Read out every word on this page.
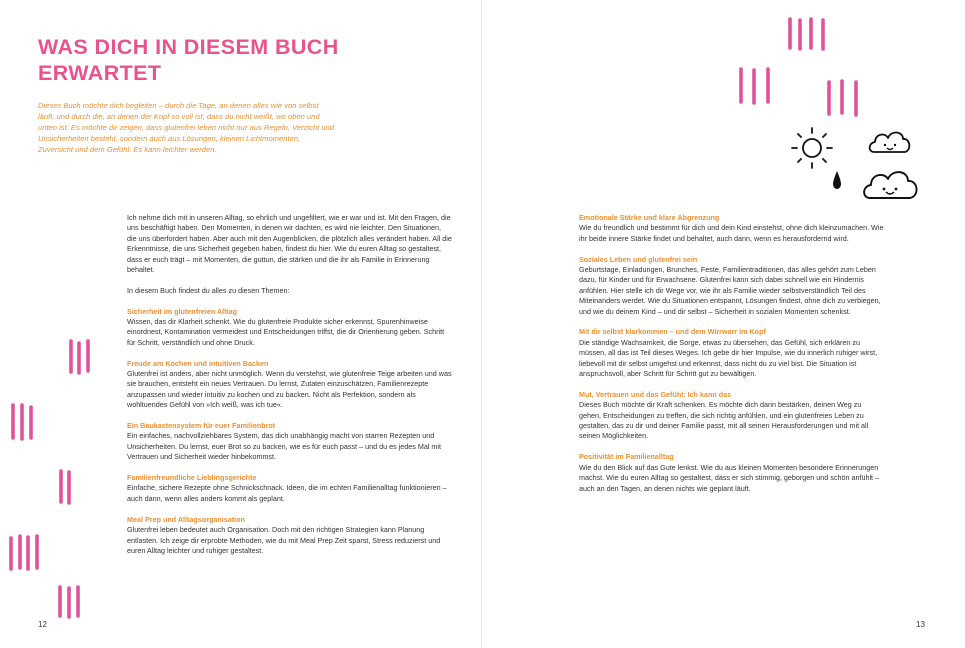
WAS DICH IN DIESEM BUCH ERWARTET

Dieses Buch möchte dich begleiten – durch die Tage, an denen alles wie von selbst läuft, und durch die, an denen der Kopf so voll ist, dass du nicht weißt, wo oben und unten ist. Es möchte dir zeigen, dass glutenfrei leben nicht nur aus Regeln, Verzicht und Unsicherheiten besteht, sondern auch aus Lösungen, kleinen Lichtmomenten, Zuversicht und dem Gefühl: Es kann leichter werden.

Ich nehme dich mit in unseren Alltag, so ehrlich und ungefiltert, wie er war und ist. Mit den Fragen, die uns beschäftigt haben. Den Momenten, in denen wir dachten, es wird nie leichter. Den Situationen, die uns überfordert haben. Aber auch mit den Augenblicken, die plötzlich alles verändert haben. All die Erkenntnisse, die uns Sicherheit gegeben haben, findest du hier. Wie du euren Alltag so gestaltest, dass er euch trägt – mit Momenten, die guttun, die stärken und die ihr als Familie in Erinnerung behaltet.

In diesem Buch findest du alles zu diesen Themen:

Sicherheit im glutenfreien Alltag

Wissen, das dir Klarheit schenkt. Wie du glutenfreie Produkte sicher erkennst, Spurenhinweise einordnest, Kontamination vermeidest und Entscheidungen triffst, die dir Orientierung geben. Schritt für Schritt, verständlich und ohne Druck.

Freude am Kochen und intuitiven Backen

Glutenfrei ist anders, aber nicht unmöglich. Wenn du verstehst, wie glutenfreie Teige arbeiten und was sie brauchen, entsteht ein neues Vertrauen. Du lernst, Zutaten einzuschätzen, Familienrezepte anzupassen und wieder intuitiv zu kochen und zu backen. Nicht als Perfektion, sondern als wohltuendes Gefühl von »Ich weiß, was ich tue«.

Ein Baukastensystem für euer Familienbrot

Ein einfaches, nachvollziehbares System, das dich unabhängig macht von starren Rezepten und Unsicherheiten. Du lernst, euer Brot so zu backen, wie es für euch passt – und du es jedes Mal mit Vertrauen und Sicherheit wieder hinbekommst.

Familienfreundliche Lieblingsgerichte

Einfache, sichere Rezepte ohne Schnickschnack. Ideen, die im echten Familienalltag funktionieren – auch dann, wenn alles anders kommt als geplant.

Meal Prep und Alltagsorganisation

Glutenfrei leben bedeutet auch Organisation. Doch mit den richtigen Strategien kann Planung entlasten. Ich zeige dir erprobte Methoden, wie du mit Meal Prep Zeit sparst, Stress reduzierst und euren Alltag leichter und ruhiger gestaltest.

12	13
Emotionale Stärke und klare Abgrenzung

Wie du freundlich und bestimmt für dich und dein Kind einstehst, ohne dich kleinzumachen. Wie ihr beide innere Stärke findet und behaltet, auch dann, wenn es herausfordernd wird.

Soziales Leben und glutenfrei sein

Geburtstage, Einladungen, Brunches, Feste, Familientraditionen, das alles gehört zum Leben dazu, für Kinder und für Erwachsene. Glutenfrei kann sich dabei schnell wie ein Hindernis anfühlen. Hier stelle ich dir Wege vor, wie ihr als Familie wieder selbstverständlich Teil des Miteinanders werdet. Wie du Situationen entspannt, Lösungen findest, ohne dich zu verbiegen, und wie du deinem Kind – und dir selbst – Sicherheit in sozialen Momenten schenkst.

Mit dir selbst klarkommen – und dem Wirrwarr im Kopf

Die ständige Wachsamkeit, die Sorge, etwas zu übersehen, das Gefühl, sich erklären zu müssen, all das ist Teil dieses Weges. Ich gebe dir hier Impulse, wie du innerlich ruhiger wirst, liebevoll mit dir selbst umgehst und erkennst, dass nicht du zu viel bist. Die Situation ist anspruchsvoll, aber Schritt für Schritt gut zu bewältigen.

Mut, Vertrauen und das Gefühl: Ich kann das

Dieses Buch möchte dir Kraft schenken. Es möchte dich darin bestärken, deinen Weg zu gehen, Entscheidungen zu treffen, die sich richtig anfühlen, und ein glutenfreies Leben zu gestalten, das zu dir und deiner Familie passt, mit all seinen Herausforderungen und mit all seinen Möglichkeiten.

Positivität im Familienalltag

Wie du den Blick auf das Gute lenkst. Wie du aus kleinen Momenten besondere Erinnerungen machst. Wie du euren Alltag so gestaltest, dass er sich stimmig, geborgen und schön anfühlt – auch an den Tagen, an denen nichts wie geplant läuft.
